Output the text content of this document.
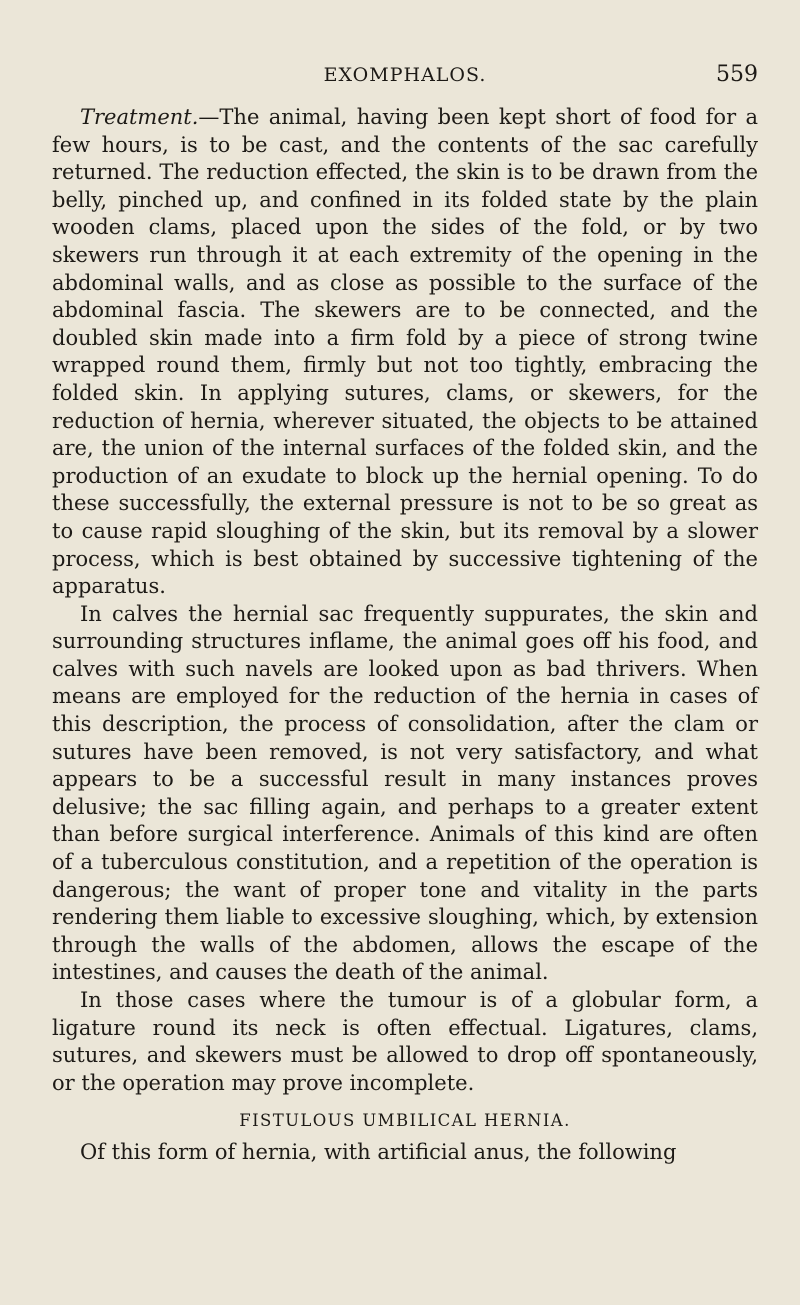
EXOMPHALOS.	559

Treatment.—The animal, having been kept short of food for a few hours, is to be cast, and the contents of the sac carefully returned. The reduction effected, the skin is to be drawn from the belly, pinched up, and confined in its folded state by the plain wooden clams, placed upon the sides of the fold, or by two skewers run through it at each extremity of the opening in the abdominal walls, and as close as possible to the surface of the abdominal fascia. The skewers are to be connected, and the doubled skin made into a firm fold by a piece of strong twine wrapped round them, firmly but not too tightly, embracing the folded skin. In applying sutures, clams, or skewers, for the reduction of hernia, wherever situated, the objects to be attained are, the union of the internal surfaces of the folded skin, and the production of an exudate to block up the hernial opening. To do these successfully, the external pressure is not to be so great as to cause rapid sloughing of the skin, but its removal by a slower process, which is best obtained by successive tightening of the apparatus.

In calves the hernial sac frequently suppurates, the skin and surrounding structures inflame, the animal goes off his food, and calves with such navels are looked upon as bad thrivers. When means are employed for the reduction of the hernia in cases of this description, the process of consolidation, after the clam or sutures have been removed, is not very satisfactory, and what appears to be a successful result in many instances proves delusive; the sac filling again, and perhaps to a greater extent than before surgical interference. Animals of this kind are often of a tuberculous constitution, and a repetition of the operation is dangerous; the want of proper tone and vitality in the parts rendering them liable to excessive sloughing, which, by extension through the walls of the abdomen, allows the escape of the intestines, and causes the death of the animal.

In those cases where the tumour is of a globular form, a ligature round its neck is often effectual. Ligatures, clams, sutures, and skewers must be allowed to drop off spontaneously, or the operation may prove incomplete.

FISTULOUS UMBILICAL HERNIA.

Of this form of hernia, with artificial anus, the following
